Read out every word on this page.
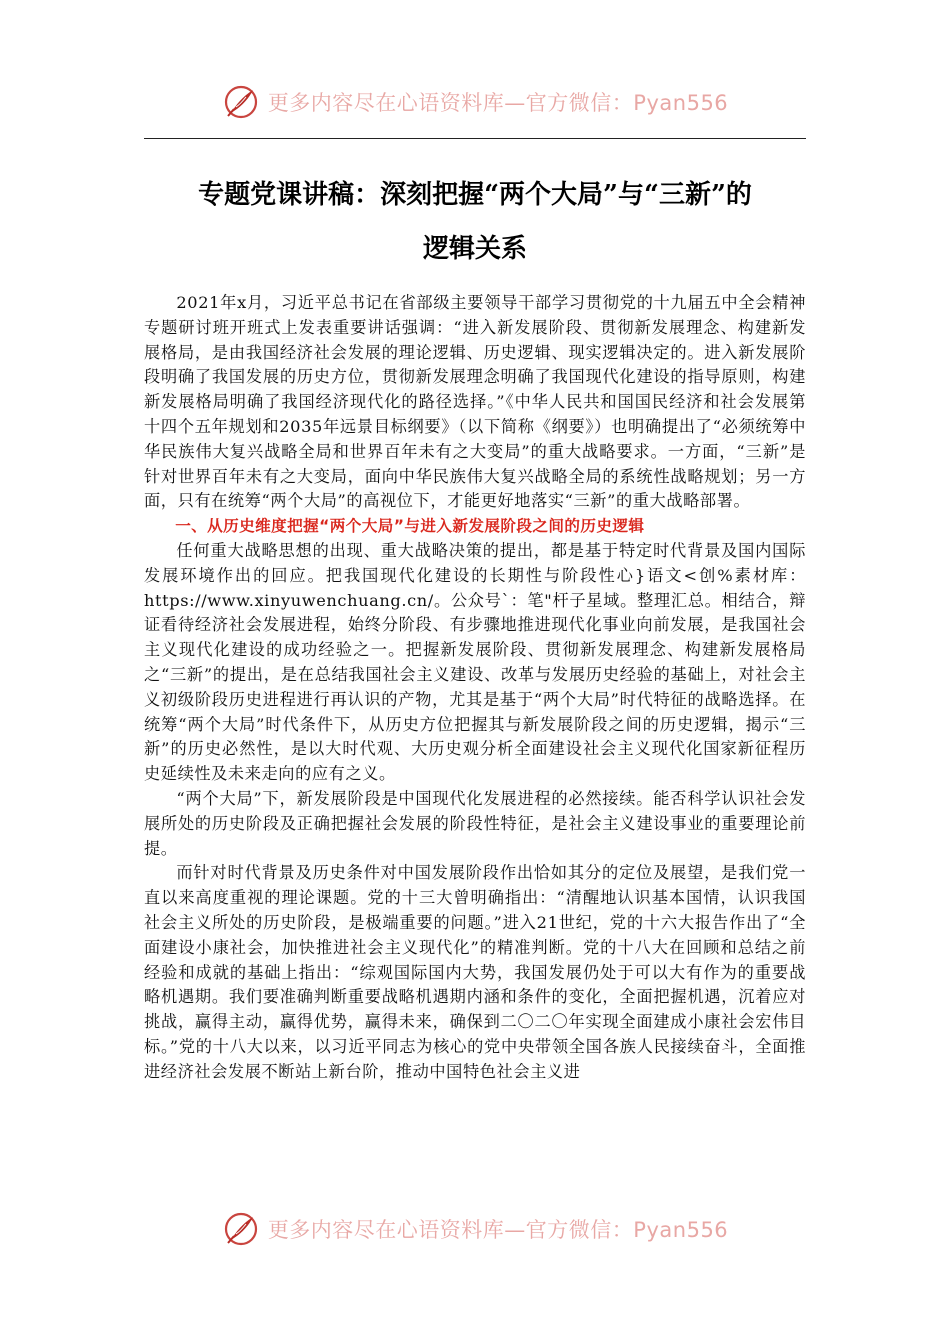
更多内容尽在心语资料库—官方微信：Pyan556
专题党课讲稿：深刻把握“两个大局”与“三新”的
逻辑关系

2021年x月，习近平总书记在省部级主要领导干部学习贯彻党的十九届五中全会精神专题研讨班开班式上发表重要讲话强调：“进入新发展阶段、贯彻新发展理念、构建新发展格局，是由我国经济社会发展的理论逻辑、历史逻辑、现实逻辑决定的。进入新发展阶段明确了我国发展的历史方位，贯彻新发展理念明确了我国现代化建设的指导原则，构建新发展格局明确了我国经济现代化的路径选择。”《中华人民共和国国民经济和社会发展第十四个五年规划和2035年远景目标纲要》（以下简称《纲要》）也明确提出了“必须统筹中华民族伟大复兴战略全局和世界百年未有之大变局”的重大战略要求。一方面，“三新”是针对世界百年未有之大变局，面向中华民族伟大复兴战略全局的系统性战略规划；另一方面，只有在统筹“两个大局”的高视位下，才能更好地落实“三新”的重大战略部署。

一、从历史维度把握“两个大局”与进入新发展阶段之间的历史逻辑

任何重大战略思想的出现、重大战略决策的提出，都是基于特定时代背景及国内国际发展环境作出的回应。把我国现代化建设的长期性与阶段性心}语文<创%素材库：https://www.xinyuwenchuang.cn/。公众号`：笔"杆子星域。整理汇总。相结合，辩证看待经济社会发展进程，始终分阶段、有步骤地推进现代化事业向前发展，是我国社会主义现代化建设的成功经验之一。把握新发展阶段、贯彻新发展理念、构建新发展格局之“三新”的提出，是在总结我国社会主义建设、改革与发展历史经验的基础上，对社会主义初级阶段历史进程进行再认识的产物，尤其是基于“两个大局”时代特征的战略选择。在统筹“两个大局”时代条件下，从历史方位把握其与新发展阶段之间的历史逻辑，揭示“三新”的历史必然性，是以大时代观、大历史观分析全面建设社会主义现代化国家新征程历史延续性及未来走向的应有之义。

“两个大局”下，新发展阶段是中国现代化发展进程的必然接续。能否科学认识社会发展所处的历史阶段及正确把握社会发展的阶段性特征，是社会主义建设事业的重要理论前提。

而针对时代背景及历史条件对中国发展阶段作出恰如其分的定位及展望，是我们党一直以来高度重视的理论课题。党的十三大曾明确指出：“清醒地认识基本国情，认识我国社会主义所处的历史阶段，是极端重要的问题。”进入21世纪，党的十六大报告作出了“全面建设小康社会，加快推进社会主义现代化”的精准判断。党的十八大在回顾和总结之前经验和成就的基础上指出：“综观国际国内大势，我国发展仍处于可以大有作为的重要战略机遇期。我们要准确判断重要战略机遇期内涵和条件的变化，全面把握机遇，沉着应对挑战，赢得主动，赢得优势，赢得未来，确保到二〇二〇年实现全面建成小康社会宏伟目标。”党的十八大以来，以习近平同志为核心的党中央带领全国各族人民接续奋斗，全面推进经济社会发展不断站上新台阶，推动中国特色社会主义进

更多内容尽在心语资料库—官方微信：Pyan556
